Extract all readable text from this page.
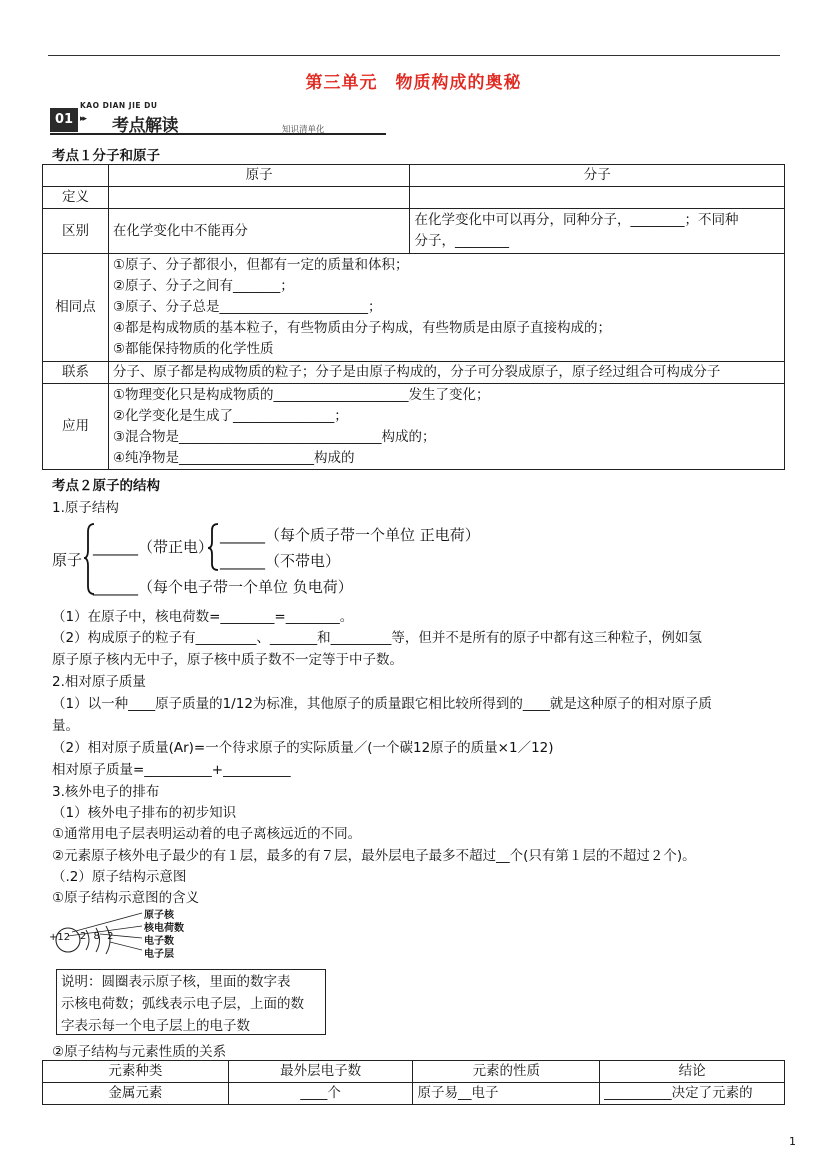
第三单元　物质构成的奥秘
01 ▸▸
KAO DIAN JIE DU
考点解读	知识清单化
考点１分子和原子
	原子	分子
定义		
区别	在化学变化中不能再分	在化学变化中可以再分，同种分子，________；不同种
分子，________

相同点	①原子、分子都很小，但都有一定的质量和体积；
②原子、分子之间有_______；
③原子、分子总是______________________；
④都是构成物质的基本粒子，有些物质由分子构成，有些物质是由原子直接构成的；
⑤都能保持物质的化学性质	

联系	分子、原子都是构成物质的粒子；分子是由原子构成的，分子可分裂成原子，原子经过组合可构成分子	
应用	①物理变化只是构成物质的____________________发生了变化；
②化学变化是生成了_______________；
③混合物是______________________________构成的；
④纯净物是____________________构成的	
考点２原子的结构
1.原子结构
原子
______（带正电）
______（每个质子带一个单位 正电荷）
______（不带电）
______（每个电子带一个单位 负电荷）
（1）在原子中，核电荷数=________=________。
（2）构成原子的粒子有_________、_______和_________等，但并不是所有的原子中都有这三种粒子，例如氢
原子原子核内无中子，原子核中质子数不一定等于中子数。
2.相对原子质量
（1）以一种____原子质量的1/12为标准，其他原子的质量跟它相比较所得到的____就是这种原子的相对原子质
量。
（2）相对原子质量(Ar)=一个待求原子的实际质量／(一个碳12原子的质量×1／12)
相对原子质量=__________+__________
3.核外电子的排布
（1）核外电子排布的初步知识
①通常用电子层表明运动着的电子离核远近的不同。
②元素原子核外电子最少的有１层，最多的有７层，最外层电子最多不超过__个(只有第１层的不超过２个)。
（.2）原子结构示意图
①原子结构示意图的含义
+12 2 8 2
原子核
核电荷数
电子数
电子层
说明：圆圈表示原子核，里面的数字表
示核电荷数；弧线表示电子层，上面的数
字表示每一个电子层上的电子数
②原子结构与元素性质的关系
元素种类	最外层电子数	元素的性质	结论
金属元素	____个	原子易__电子	__________决定了元素的
1
